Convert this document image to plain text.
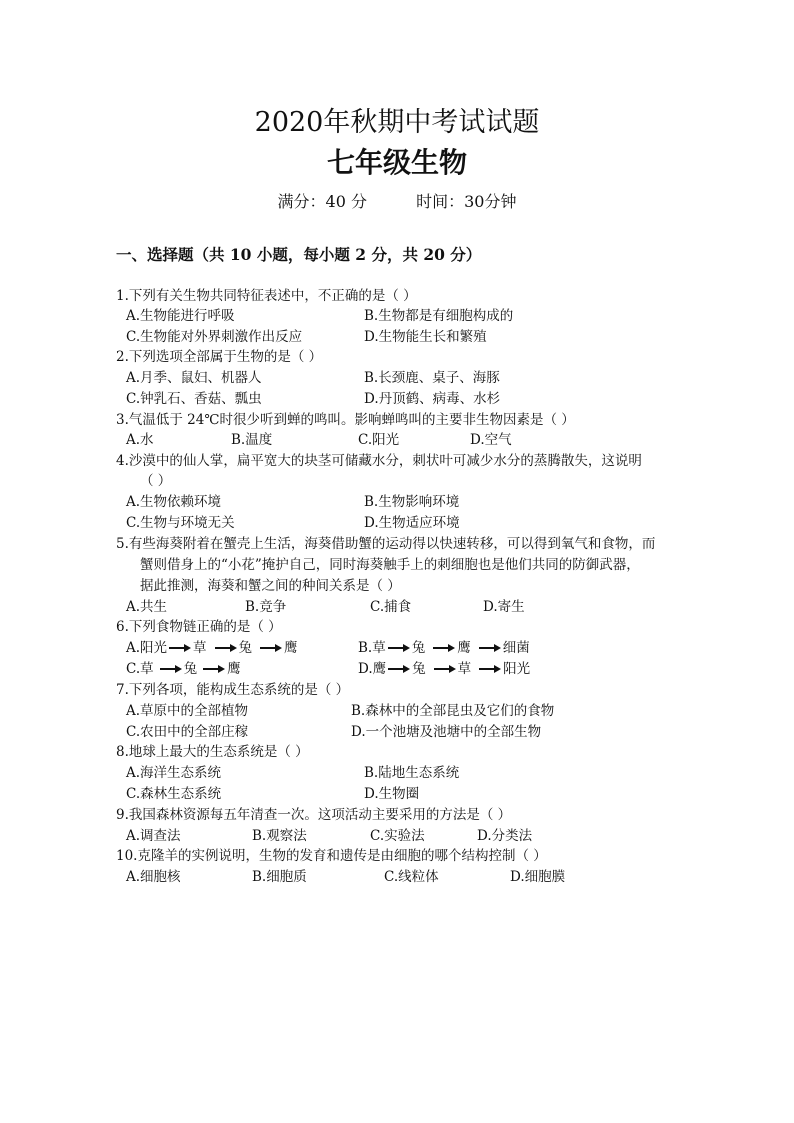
2020年秋期中考试试题
七年级生物
满分：40 分	时间：30分钟
一、选择题（共 10 小题，每小题 2 分，共 20 分）
1.下列有关生物共同特征表述中，不正确的是（ ）
A.生物能进行呼吸	B.生物都是有细胞构成的
C.生物能对外界刺激作出反应	D.生物能生长和繁殖
2.下列选项全部属于生物的是（ ）
A.月季、鼠妇、机器人	B.长颈鹿、桌子、海豚
C.钟乳石、香菇、瓢虫	D.丹顶鹤、病毒、水杉
3.气温低于 24℃时很少听到蝉的鸣叫。影响蝉鸣叫的主要非生物因素是（ ）
A.水	B.温度	C.阳光	D.空气
4.沙漠中的仙人掌，扁平宽大的块茎可储藏水分，刺状叶可减少水分的蒸腾散失，这说明
（ ）
A.生物依赖环境	B.生物影响环境
C.生物与环境无关	D.生物适应环境
5.有些海葵附着在蟹壳上生活，海葵借助蟹的运动得以快速转移，可以得到氧气和食物，而
蟹则借身上的“小花”掩护自己，同时海葵触手上的刺细胞也是他们共同的防御武器，
据此推测，海葵和蟹之间的种间关系是（ ）
A.共生	B.竞争	C.捕食	D.寄生
6.下列食物链正确的是（ ）
A. 阳光 草 兔 鹰	B. 草 兔 鹰 细菌
C. 草 兔 鹰	D. 鹰 兔 草 阳光
7.下列各项，能构成生态系统的是（ ）
A.草原中的全部植物	B.森林中的全部昆虫及它们的食物
C.农田中的全部庄稼	D.一个池塘及池塘中的全部生物
8.地球上最大的生态系统是（ ）
A.海洋生态系统	B.陆地生态系统
C.森林生态系统	D.生物圈
9.我国森林资源每五年清查一次。这项活动主要采用的方法是（ ）
A.调查法	B.观察法	C.实验法	D.分类法
10.克隆羊的实例说明，生物的发育和遗传是由细胞的哪个结构控制（ ）
A.细胞核	B.细胞质	C.线粒体	D.细胞膜
